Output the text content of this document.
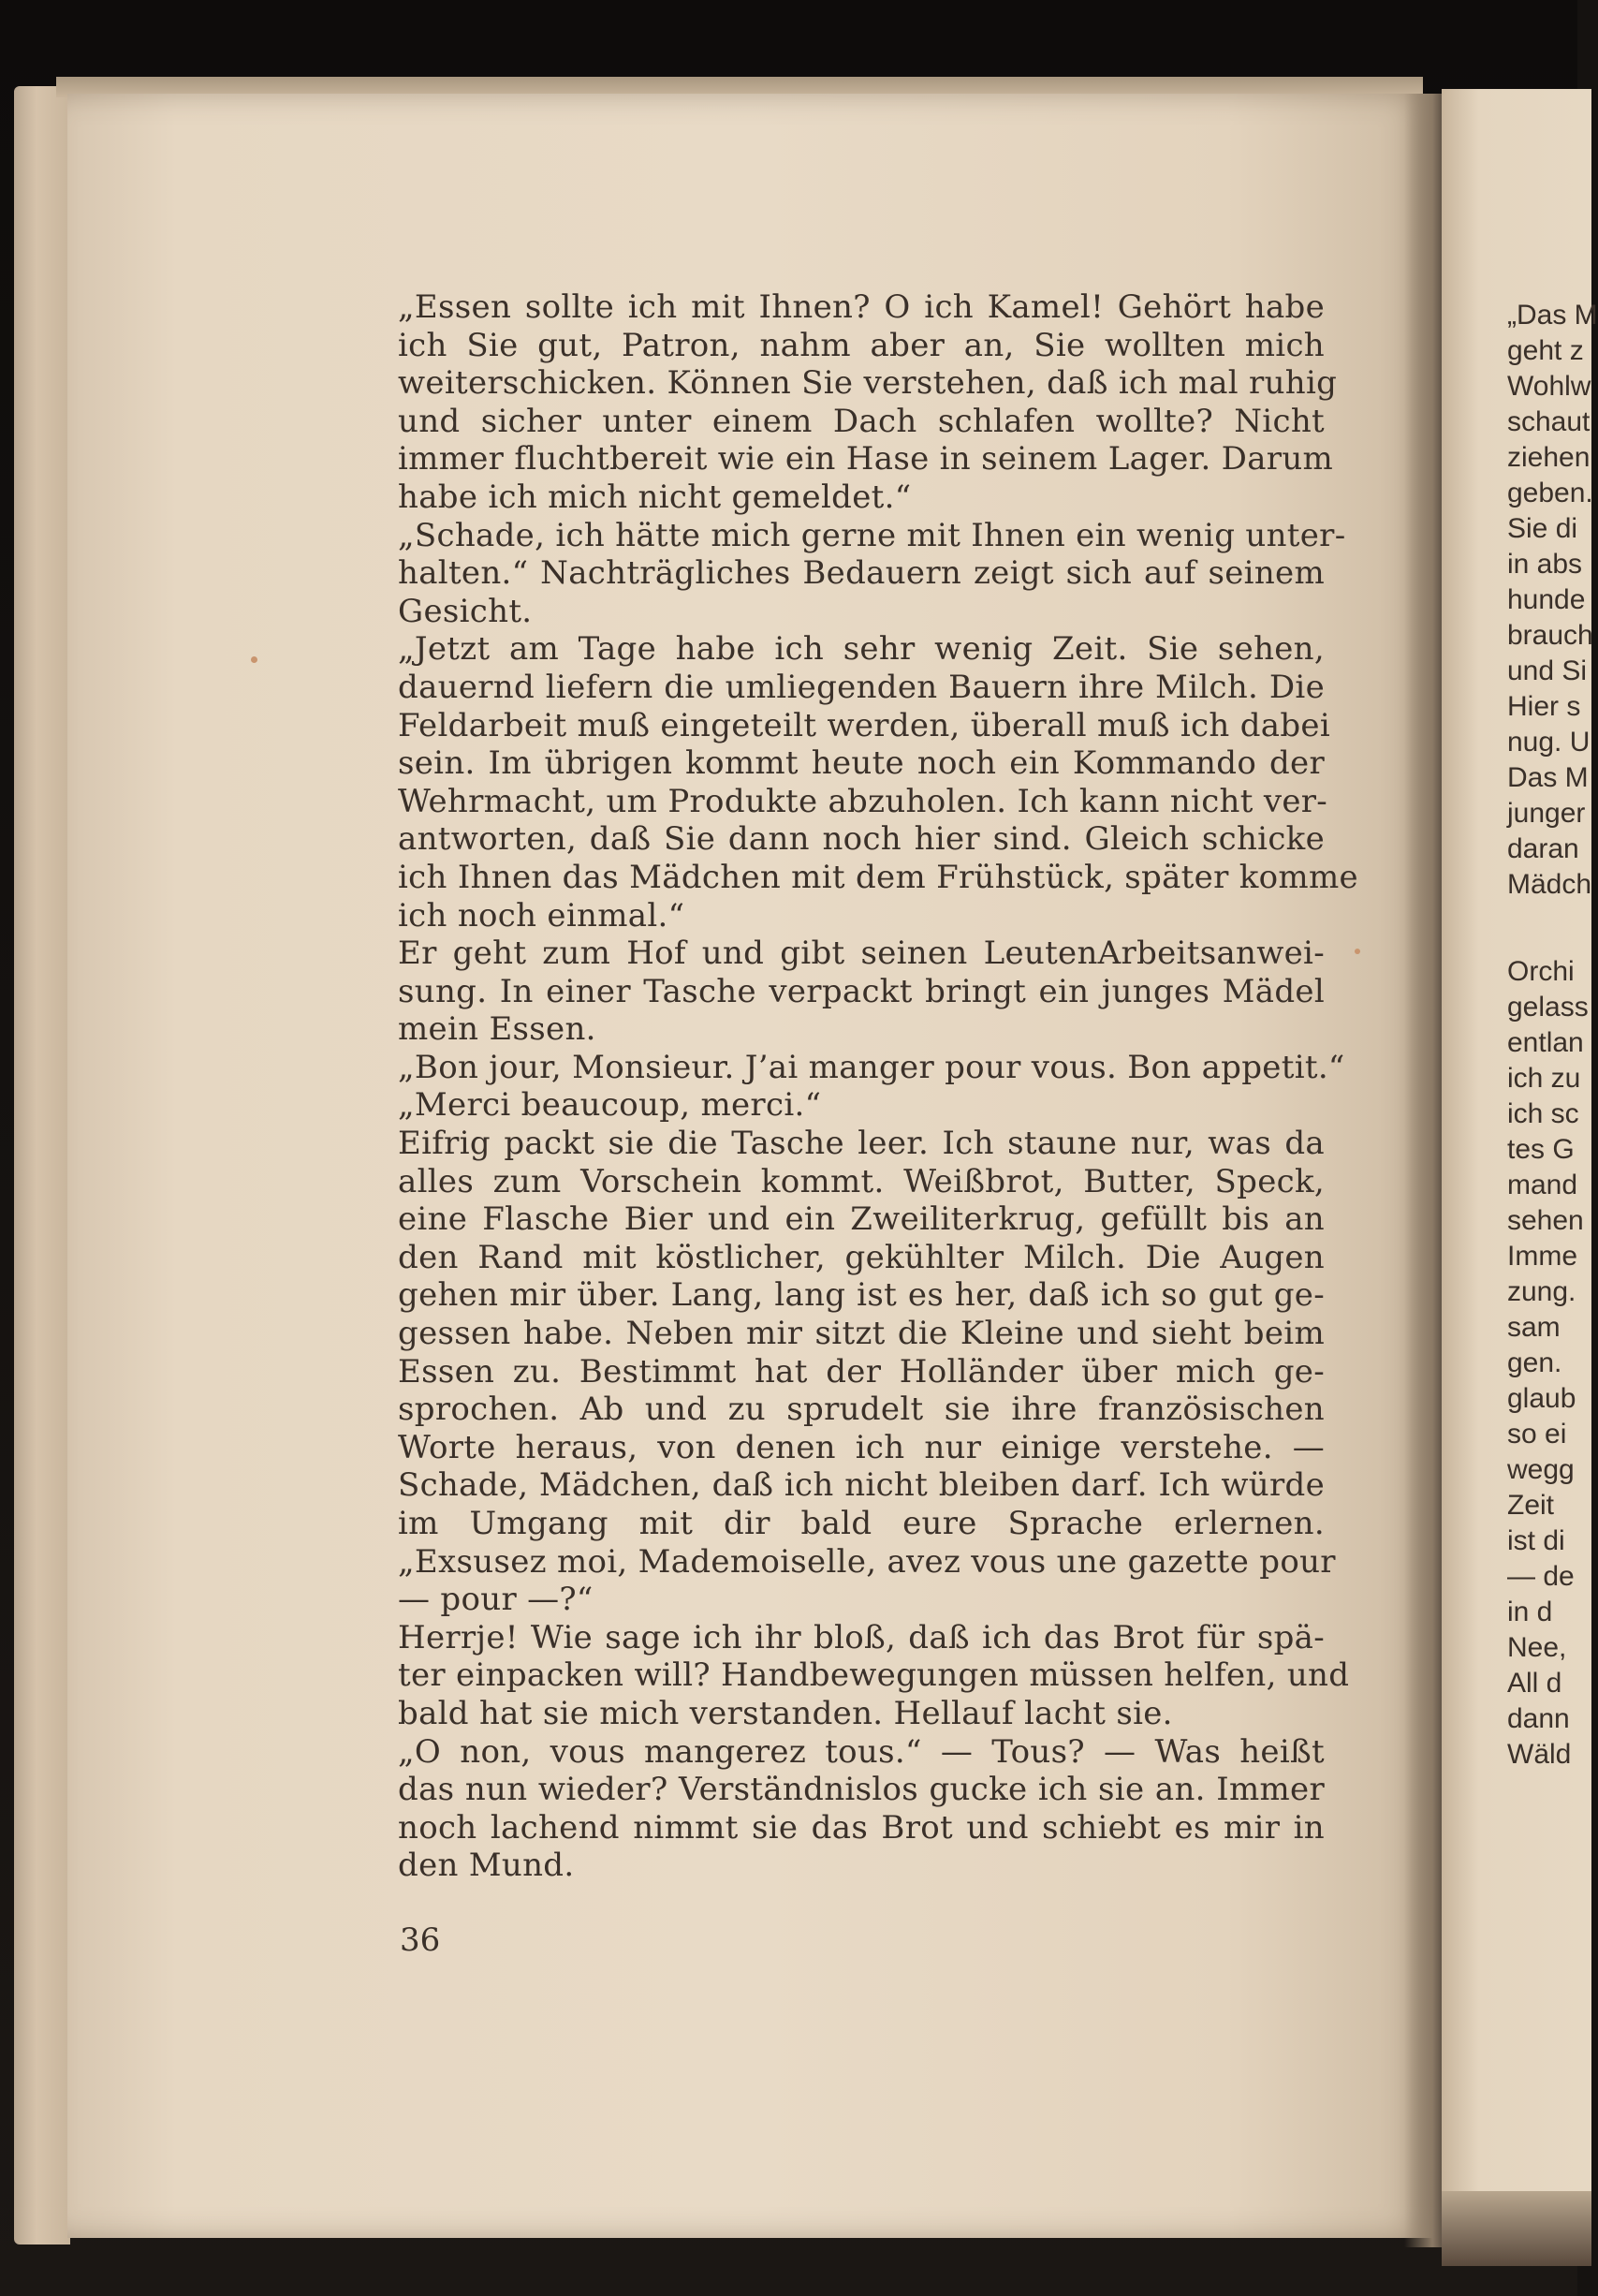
„Essen sollte ich mit Ihnen? O ich Kamel! Gehört habe
ich Sie gut, Patron, nahm aber an, Sie wollten mich
weiterschicken. Können Sie verstehen, daß ich mal ruhig
und sicher unter einem Dach schlafen wollte? Nicht
immer fluchtbereit wie ein Hase in seinem Lager. Darum
habe ich mich nicht gemeldet.“
„Schade, ich hätte mich gerne mit Ihnen ein wenig unter-
halten.“ Nachträgliches Bedauern zeigt sich auf seinem
Gesicht.
„Jetzt am Tage habe ich sehr wenig Zeit. Sie sehen,
dauernd liefern die umliegenden Bauern ihre Milch. Die
Feldarbeit muß eingeteilt werden, überall muß ich dabei
sein. Im übrigen kommt heute noch ein Kommando der
Wehrmacht, um Produkte abzuholen. Ich kann nicht ver-
antworten, daß Sie dann noch hier sind. Gleich schicke
ich Ihnen das Mädchen mit dem Frühstück, später komme
ich noch einmal.“
Er geht zum Hof und gibt seinen LeutenArbeitsanwei-
sung. In einer Tasche verpackt bringt ein junges Mädel
mein Essen.
„Bon jour, Monsieur. J’ai manger pour vous. Bon appetit.“
„Merci beaucoup, merci.“
Eifrig packt sie die Tasche leer. Ich staune nur, was da
alles zum Vorschein kommt. Weißbrot, Butter, Speck,
eine Flasche Bier und ein Zweiliterkrug, gefüllt bis an
den Rand mit köstlicher, gekühlter Milch. Die Augen
gehen mir über. Lang, lang ist es her, daß ich so gut ge-
gessen habe. Neben mir sitzt die Kleine und sieht beim
Essen zu. Bestimmt hat der Holländer über mich ge-
sprochen. Ab und zu sprudelt sie ihre französischen
Worte heraus, von denen ich nur einige verstehe. —
Schade, Mädchen, daß ich nicht bleiben darf. Ich würde
im Umgang mit dir bald eure Sprache erlernen.
„Exsusez moi, Mademoiselle, avez vous une gazette pour
— pour —?“
Herrje! Wie sage ich ihr bloß, daß ich das Brot für spä-
ter einpacken will? Handbewegungen müssen helfen, und
bald hat sie mich verstanden. Hellauf lacht sie.
„O non, vous mangerez tous.“ — Tous? — Was heißt
das nun wieder? Verständnislos gucke ich sie an. Immer
noch lachend nimmt sie das Brot und schiebt es mir in
den Mund.
36
„Das M
geht z
Wohlw
schaut
ziehen
geben.
Sie di
in abs
hunde
brauch
und Si
Hier s
nug. U
Das M
junger
daran
Mädch
Orchi
gelass
entlan
ich zu
ich sc
tes G
mand
sehen
Imme
zung.
sam
gen.
glaub
so ei
wegg
Zeit
ist di
— de
in d
Nee,
All d
dann
Wäld
